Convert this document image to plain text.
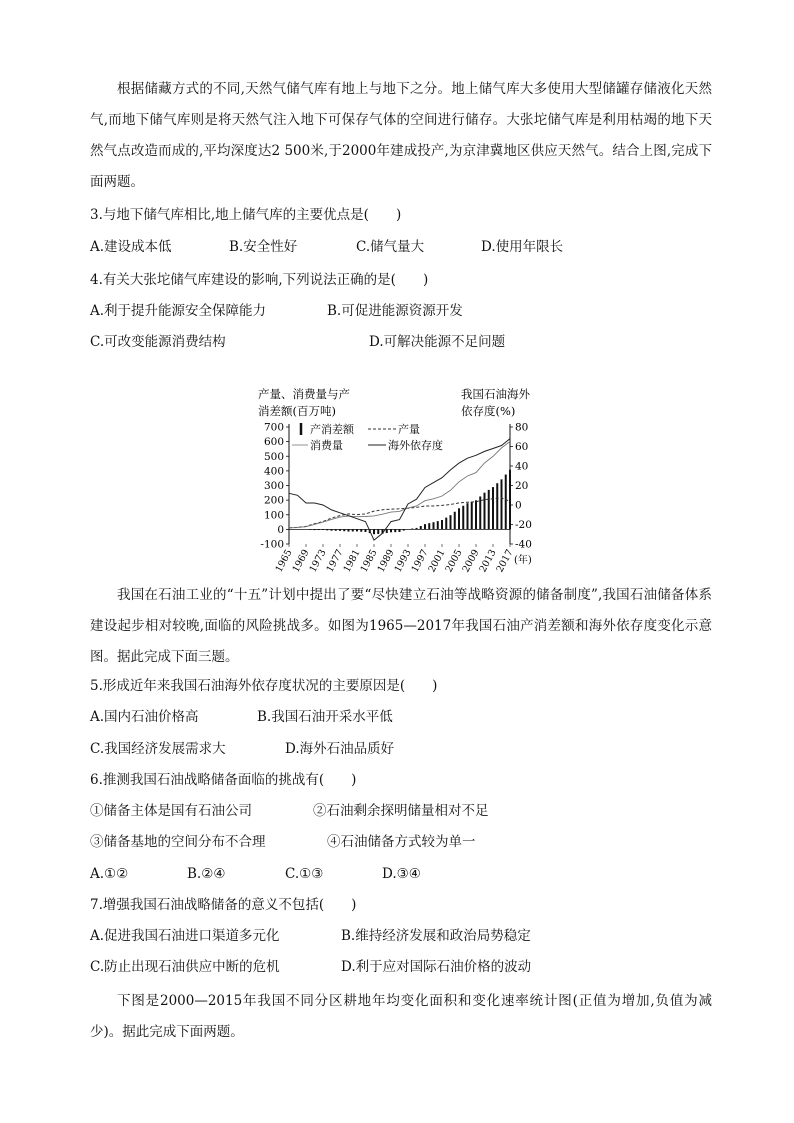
根据储藏方式的不同,天然气储气库有地上与地下之分。地上储气库大多使用大型储罐存储液化天然气,而地下储气库则是将天然气注入地下可保存气体的空间进行储存。大张坨储气库是利用枯竭的地下天然气点改造而成的,平均深度达2 500米,于2000年建成投产,为京津冀地区供应天然气。结合上图,完成下面两题。
3.与地下储气库相比,地上储气库的主要优点是(　　)
A.建设成本低	B.安全性好	C.储气量大	D.使用年限长
4.有关大张坨储气库建设的影响,下列说法正确的是(　　)
A.利于提升能源安全保障能力	B.可促进能源资源开发
C.可改变能源消费结构	D.可解决能源不足问题
产量、消费量与产
消差额(百万吨)
我国石油海外
依存度(%)
700
600
500
400
300
200
100
0
-100
80
60
40
20
0
-20
-40
1965
1969
1973
1977
1981
1985
1989
1993
1997
2001
2005
2009
2013
2017
(年)
产消差额	产量
消费量	海外依存度
我国在石油工业的“十五”计划中提出了要“尽快建立石油等战略资源的储备制度”,我国石油储备体系建设起步相对较晚,面临的风险挑战多。如图为1965—2017年我国石油产消差额和海外依存度变化示意图。据此完成下面三题。
5.形成近年来我国石油海外依存度状况的主要原因是(　　)
A.国内石油价格高	B.我国石油开采水平低
C.我国经济发展需求大	D.海外石油品质好
6.推测我国石油战略储备面临的挑战有(　　)
①储备主体是国有石油公司	②石油剩余探明储量相对不足
③储备基地的空间分布不合理	④石油储备方式较为单一
A.①②	B.②④	C.①③	D.③④
7.增强我国石油战略储备的意义不包括(　　)
A.促进我国石油进口渠道多元化	B.维持经济发展和政治局势稳定
C.防止出现石油供应中断的危机	D.利于应对国际石油价格的波动
下图是2000—2015年我国不同分区耕地年均变化面积和变化速率统计图(正值为增加,负值为减少)。据此完成下面两题。
